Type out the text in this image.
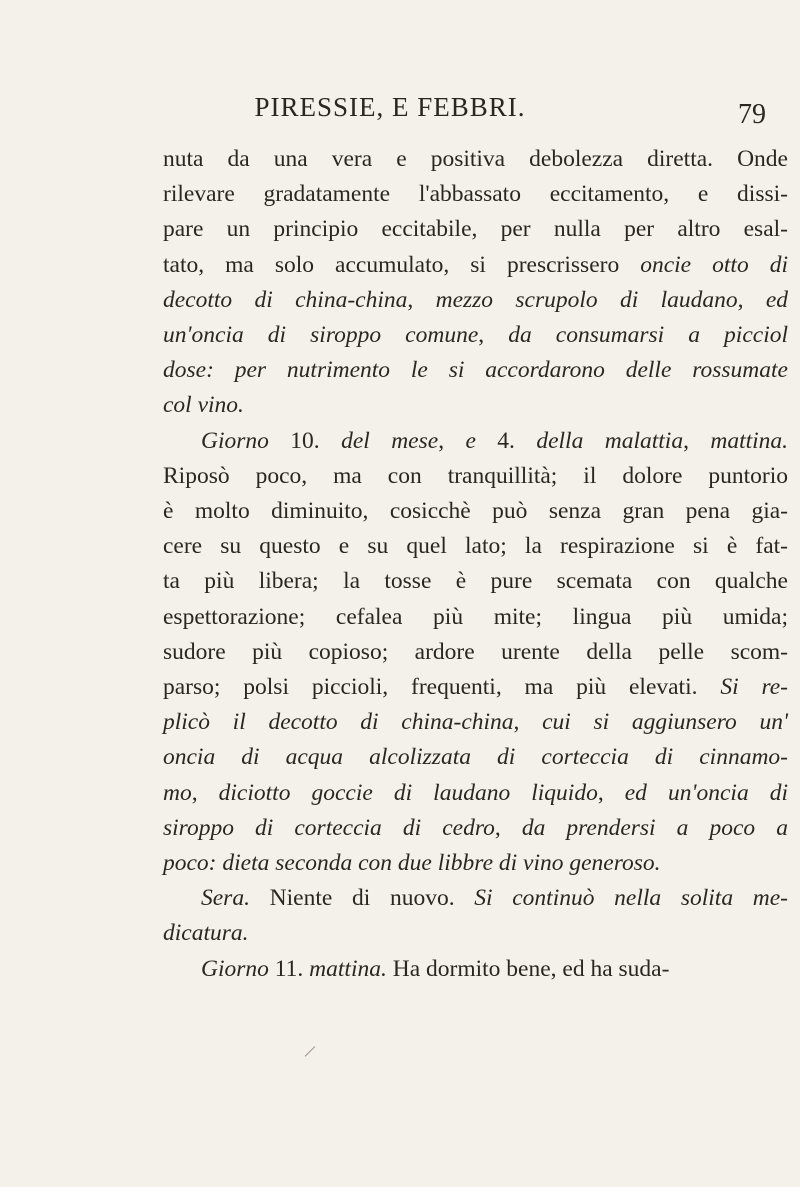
PIRESSIE, E FEBBRI.	79
nuta da una vera e positiva debolezza diretta. Onde
rilevare gradatamente l'abbassato eccitamento, e dissi-
pare un principio eccitabile, per nulla per altro esal-
tato, ma solo accumulato, si prescrissero oncie otto di
decotto di china-china, mezzo scrupolo di laudano, ed
un'oncia di siroppo comune, da consumarsi a picciol
dose: per nutrimento le si accordarono delle rossumate
col vino.
Giorno 10. del mese, e 4. della malattia, mattina.
Riposò poco, ma con tranquillità; il dolore puntorio
è molto diminuito, cosicchè può senza gran pena gia-
cere su questo e su quel lato; la respirazione si è fat-
ta più libera; la tosse è pure scemata con qualche
espettorazione; cefalea più mite; lingua più umida;
sudore più copioso; ardore urente della pelle scom-
parso; polsi piccioli, frequenti, ma più elevati. Si re-
plicò il decotto di china-china, cui si aggiunsero un'
oncia di acqua alcolizzata di corteccia di cinnamo-
mo, diciotto goccie di laudano liquido, ed un'oncia di
siroppo di corteccia di cedro, da prendersi a poco a
poco: dieta seconda con due libbre di vino generoso.
Sera. Niente di nuovo. Si continuò nella solita me-
dicatura.
Giorno 11. mattina. Ha dormito bene, ed ha suda-
